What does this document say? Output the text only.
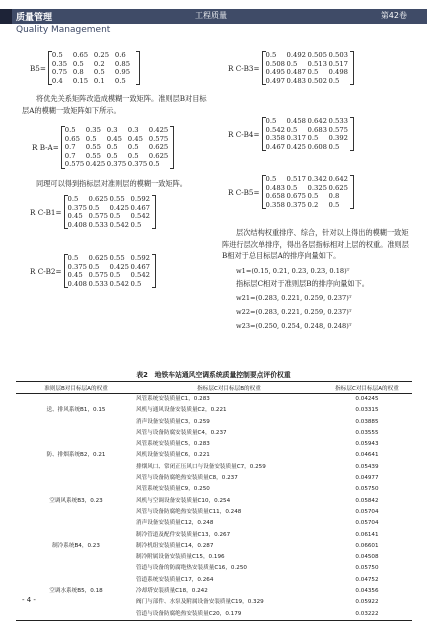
质量管理	工程质量	第42卷
Quality Management
B5=
0.5	0.65 0.25 0.6
0.35 0.5	0.2	0.85
0.75 0.8	0.5	0.95
0.4	0.15 0.1	0.5
将优先关系矩阵改造成模糊一致矩阵。准则层B对目标层A的模糊一致矩阵如下所示。
R B-A=
0.5	0.35 0.3	0.3	0.425
0.65 0.5	0.45 0.45 0.575
0.7	0.55 0.5	0.5	0.625
0.7	0.55 0.5	0.5	0.625
0.575 0.425 0.375 0.375 0.5
同理可以得到指标层对准则层的模糊一致矩阵。
R C-B1=
0.5	0.625 0.55 0.592
0.375 0.5	0.425 0.467
0.45 0.575 0.5	0.542
0.408 0.533 0.542 0.5
R C-B2=
0.5	0.625 0.55 0.592
0.375 0.5	0.425 0.467
0.45 0.575 0.5	0.542
0.408 0.533 0.542 0.5
R C-B3=
0.5	0.492 0.505 0.503
0.508 0.5	0.513 0.517
0.495 0.487 0.5	0.498
0.497 0.483 0.502 0.5
R C-B4=
0.5	0.458 0.642 0.533
0.542 0.5	0.683 0.575
0.358 0.317 0.5	0.392
0.467 0.425 0.608 0.5
R C-B5=
0.5	0.517 0.342 0.642
0.483 0.5	0.325 0.625
0.658 0.675 0.5	0.8
0.358 0.375 0.2	0.5
层次结构权重排序、综合，针对以上得出的模糊一致矩阵进行层次单排序，得出各层指标相对上层的权重。准则层B相对于总目标层A的排序向量如下。
w1=(0.15, 0.21, 0.23, 0.23, 0.18)ᵀ
指标层C相对于准则层B的排序向量如下。
w21=(0.283, 0.221, 0.259, 0.237)ᵀ
w22=(0.283, 0.221, 0.259, 0.237)ᵀ
w23=(0.250, 0.254, 0.248, 0.248)ᵀ
表2　地铁车站通风空调系统质量控制要点评价权重
准则层B对目标层A的权重	指标层C对目标层B的权重	指标层C对目标层A的权重
	风管系统安装质量C1，0.283	0.04245
送、排风系统B1，0.15	风机与通风设备安装质量C2，0.221	0.03315
	消声设备安装质量C3，0.259	0.03885
	风管与设备防腐安装质量C4，0.237	0.03555
	风管系统安装质量C5，0.283	0.05943
防、排烟系统B2，0.21	风机设备安装质量C6，0.221	0.04641
	排烟风口、常闭正压风口与设备安装质量C7，0.259	0.05439
	风管与设备防腐绝热安装质量C8，0.237	0.04977
	风管系统安装质量C9，0.250	0.05750
空调风系统B3，0.23	风机与空调设备安装质量C10，0.254	0.05842
	风管与设备防腐绝热安装质量C11，0.248	0.05704
	消声设备安装质量C12，0.248	0.05704
	制冷管道及配件安装质量C13，0.267	0.06141
制冷系统B4，0.23	制冷机组安装质量C14，0.287	0.06601
	制冷附属设备安装质量C15，0.196	0.04508
	管道与设备的防腐绝热安装质量C16，0.250	0.05750
	管道系统安装质量C17，0.264	0.04752
空调水系统B5，0.18	冷却塔安装质量C18，0.242	0.04356
	阀门与部件、水泵及附属设备安装质量C19，0.329	0.05922
	管道与设备防腐绝热安装质量C20，0.179	0.03222
- 4 -
